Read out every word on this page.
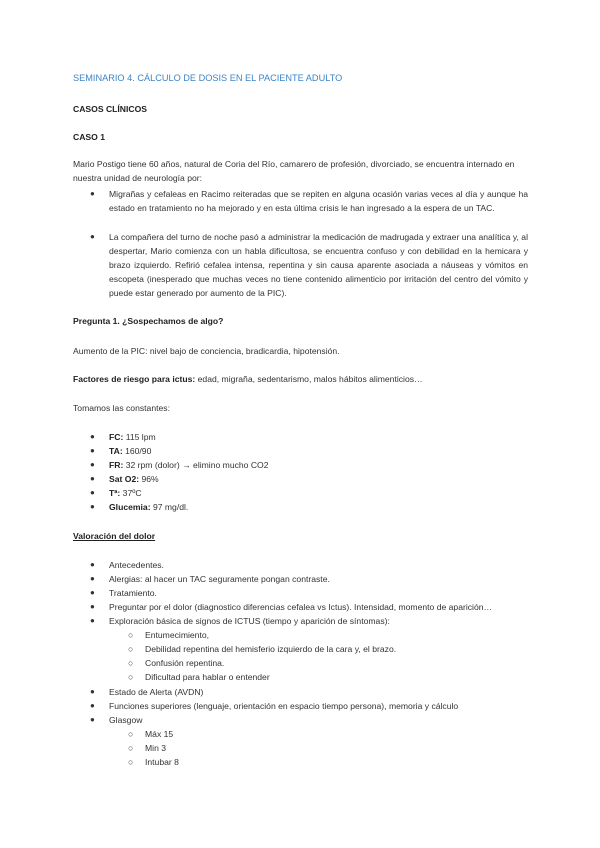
SEMINARIO 4. CÁLCULO DE DOSIS EN EL PACIENTE ADULTO
CASOS CLÍNICOS
CASO 1
Mario Postigo tiene 60 años, natural de Coria del Río, camarero de profesión, divorciado, se encuentra internado en nuestra unidad de neurología por:
● Migrañas y cefaleas en Racimo reiteradas que se repiten en alguna ocasión varias veces al día y aunque ha estado en tratamiento no ha mejorado y en esta última crisis le han ingresado a la espera de un TAC.
● La compañera del turno de noche pasó a administrar la medicación de madrugada y extraer una analítica y, al despertar, Mario comienza con un habla dificultosa, se encuentra confuso y con debilidad en la hemicara y brazo izquierdo. Refirió cefalea intensa, repentina y sin causa aparente asociada a náuseas y vómitos en escopeta (inesperado que muchas veces no tiene contenido alimenticio por irritación del centro del vómito y puede estar generado por aumento de la PIC).
Pregunta 1. ¿Sospechamos de algo?
Aumento de la PIC: nivel bajo de conciencia, bradicardia, hipotensión.
Factores de riesgo para ictus: edad, migraña, sedentarismo, malos hábitos alimenticios…
Tomamos las constantes:
● FC: 115 lpm
● TA: 160/90
● FR: 32 rpm (dolor) → elimino mucho CO2
● Sat O2: 96%
● Tª: 37ºC
● Glucemia: 97 mg/dl.
Valoración del dolor
● Antecedentes.
● Alergias: al hacer un TAC seguramente pongan contraste.
● Tratamiento.
● Preguntar por el dolor (diagnostico diferencias cefalea vs Ictus). Intensidad, momento de aparición…
● Exploración básica de signos de ICTUS (tiempo y aparición de síntomas):
○ Entumecimiento,
○ Debilidad repentina del hemisferio izquierdo de la cara y, el brazo.
○ Confusión repentina.
○ Dificultad para hablar o entender
● Estado de Alerta (AVDN)
● Funciones superiores (lenguaje, orientación en espacio tiempo persona), memoria y cálculo
● Glasgow
○ Máx 15
○ Min 3
○ Intubar 8
